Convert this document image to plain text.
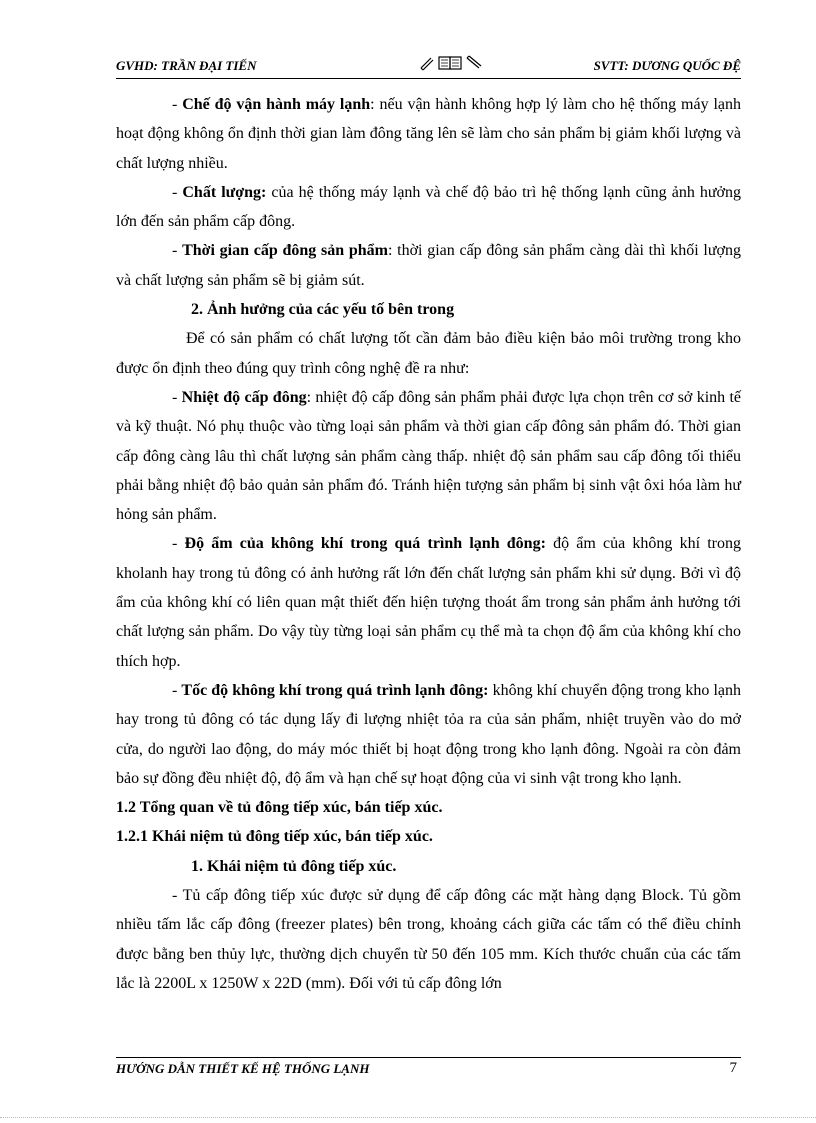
GVHD: TRẦN ĐẠI TIẾN	SVTT: DƯƠNG QUỐC ĐỆ

- Chế độ vận hành máy lạnh: nếu vận hành không hợp lý làm cho hệ thống máy lạnh hoạt động không ổn định thời gian làm đông tăng lên sẽ làm cho sản phẩm bị giảm khối lượng và chất lượng nhiều.

- Chất lượng: của hệ thống máy lạnh và chế độ bảo trì hệ thống lạnh cũng ảnh hưởng lớn đến sản phẩm cấp đông.

- Thời gian cấp đông sản phẩm: thời gian cấp đông sản phẩm càng dài thì khối lượng và chất lượng sản phẩm sẽ bị giảm sút.

2. Ảnh hưởng của các yếu tố bên trong

Để có sản phẩm có chất lượng tốt cần đảm bảo điều kiện bảo môi trường trong kho được ổn định theo đúng quy trình công nghệ đề ra như:

- Nhiệt độ cấp đông: nhiệt độ cấp đông sản phẩm phải được lựa chọn trên cơ sở kinh tế và kỹ thuật. Nó phụ thuộc vào từng loại sản phẩm và thời gian cấp đông sản phẩm đó. Thời gian cấp đông càng lâu thì chất lượng sản phẩm càng thấp. nhiệt độ sản phẩm sau cấp đông tối thiểu phải bằng nhiệt độ bảo quản sản phẩm đó. Tránh hiện tượng sản phẩm bị sinh vật ôxi hóa làm hư hỏng sản phẩm.

- Độ ẩm của không khí trong quá trình lạnh đông: độ ẩm của không khí trong kholanh hay trong tủ đông có ảnh hưởng rất lớn đến chất lượng sản phẩm khi sử dụng. Bởi vì độ ẩm của không khí có liên quan mật thiết đến hiện tượng thoát ẩm trong sản phẩm ảnh hưởng tới chất lượng sản phẩm. Do vậy tùy từng loại sản phẩm cụ thể mà ta chọn độ ẩm của không khí cho thích hợp.

- Tốc độ không khí trong quá trình lạnh đông: không khí chuyển động trong kho lạnh hay trong tủ đông có tác dụng lấy đi lượng nhiệt tỏa ra của sản phẩm, nhiệt truyền vào do mở cửa, do người lao động, do máy móc thiết bị hoạt động trong kho lạnh đông. Ngoài ra còn đảm bảo sự đồng đều nhiệt độ, độ ẩm và hạn chế sự hoạt động của vi sinh vật trong kho lạnh.

1.2 Tổng quan về tủ đông tiếp xúc, bán tiếp xúc.

1.2.1 Khái niệm tủ đông tiếp xúc, bán tiếp xúc.

1. Khái niệm tủ đông tiếp xúc.

- Tủ cấp đông tiếp xúc được sử dụng để cấp đông các mặt hàng dạng Block. Tủ gồm nhiều tấm lắc cấp đông (freezer plates) bên trong, khoảng cách giữa các tấm có thể điều chỉnh được bằng ben thủy lực, thường dịch chuyển từ 50 đến 105 mm. Kích thước chuẩn của các tấm lắc là 2200L x 1250W x 22D (mm). Đối với tủ cấp đông lớn

HƯỚNG DẪN THIẾT KẾ HỆ THỐNG LẠNH	7
